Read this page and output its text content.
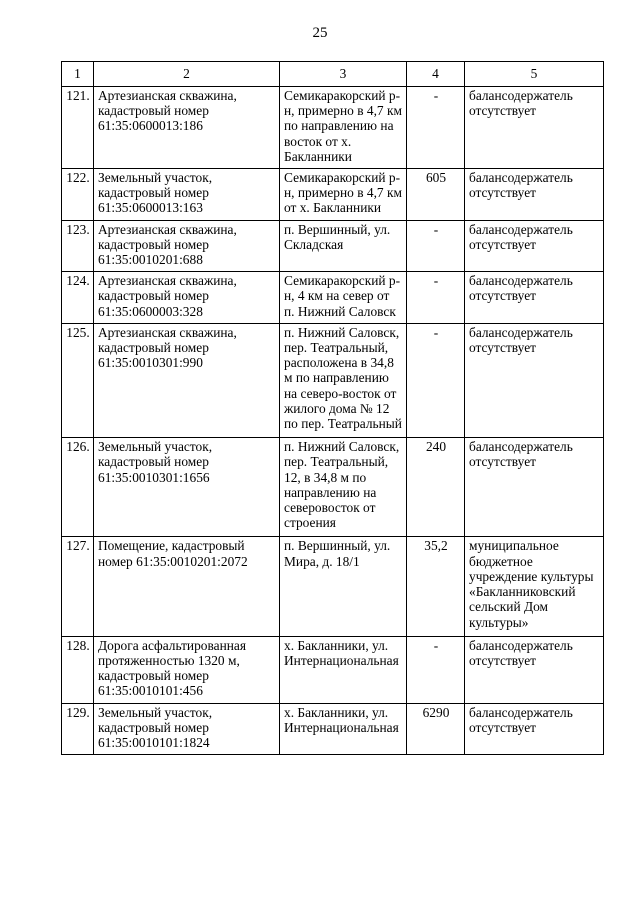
25
1	2	3	4	5
121.	Артезианская скважина, кадастровый номер 61:35:0600013:186	Семикаракорский р-н, примерно в 4,7 км по направлению на восток от х. Бакланники	-	балансодержатель отсутствует
122.	Земельный участок, кадастровый номер 61:35:0600013:163	Семикаракорский р-н, примерно в 4,7 км от х. Бакланники	605	балансодержатель отсутствует
123.	Артезианская скважина, кадастровый номер 61:35:0010201:688	п. Вершинный, ул. Складская	-	балансодержатель отсутствует
124.	Артезианская скважина, кадастровый номер 61:35:0600003:328	Семикаракорский р-н, 4 км на север от п. Нижний Саловск	-	балансодержатель отсутствует
125.	Артезианская скважина, кадастровый номер 61:35:0010301:990	п. Нижний Саловск, пер. Театральный, расположена в 34,8 м по направлению на северо-восток от жилого дома № 12 по пер. Театральный	-	балансодержатель отсутствует
126.	Земельный участок, кадастровый номер 61:35:0010301:1656	п. Нижний Саловск, пер. Театральный, 12, в 34,8 м по направлению на северовосток от строения	240	балансодержатель отсутствует
127.	Помещение, кадастровый номер 61:35:0010201:2072	п. Вершинный, ул. Мира, д. 18/1	35,2	муниципальное бюджетное учреждение культуры «Бакланниковский сельский Дом культуры»
128.	Дорога асфальтированная протяженностью 1320 м, кадастровый номер 61:35:0010101:456	х. Бакланники, ул. Интернациональная	-	балансодержатель отсутствует
129.	Земельный участок, кадастровый номер 61:35:0010101:1824	х. Бакланники, ул. Интернациональная	6290	балансодержатель отсутствует
